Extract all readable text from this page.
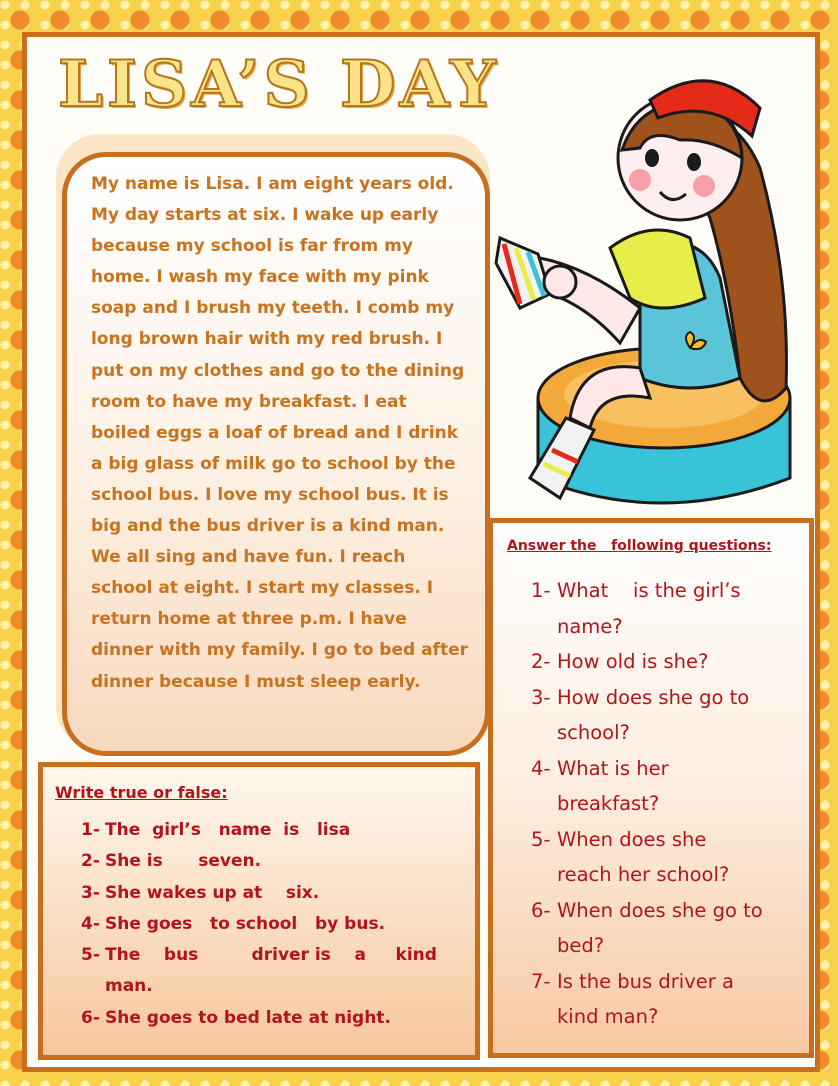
LISA’S DAY

My name is Lisa. I am eight years old. My day starts at six. I wake up early because my school is far from my home. I wash my face with my pink soap and I brush my teeth. I comb my long brown hair with my red brush. I put on my clothes and go to the dining room to have my breakfast. I eat boiled eggs a loaf of bread and I drink a big glass of milk go to school by the school bus. I love my school bus. It is big and the bus driver is a kind man. We all sing and have fun. I reach school at eight. I start my classes. I return home at three p.m. I have dinner with my family. I go to bed after dinner because I must sleep early.

Write true or false:

1- The  girl’s   name  is   lisa
2- She is      seven.
3- She wakes up at    six.
4- She goes   to school   by bus.
5- The    bus         driver is    a     kind man.
6- She goes to bed late at night.

Answer the   following questions:

1- What    is the girl’s name?
2- How old is she?
3- How does she go to school?
4- What is her breakfast?
5- When does she reach her school?
6- When does she go to bed?
7- Is the bus driver a kind man?
